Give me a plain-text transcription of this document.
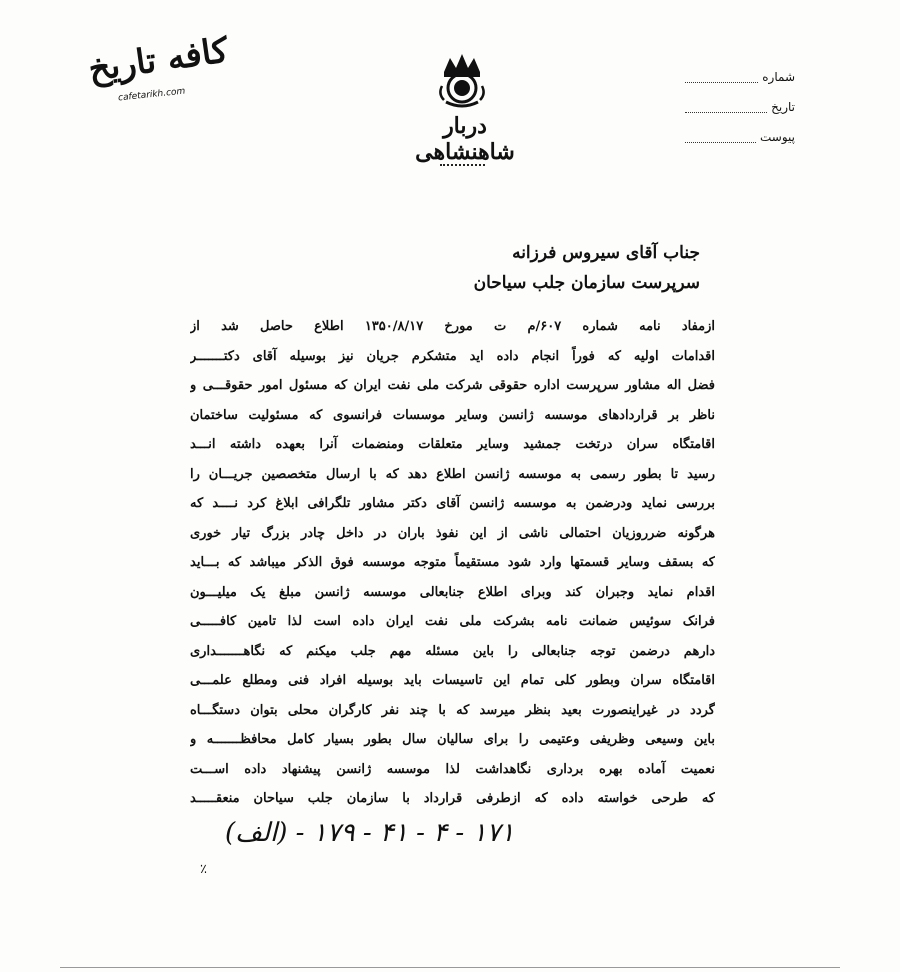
کافه تاریخ
cafetarikh.com
دربار شاهنشاهی
شماره
تاریخ
پیوست
جناب آقای سیروس فرزانه
سرپرست سازمان جلب سیاحان
ازمفاد نامه شماره ۶۰۷/م ت مورخ ۱۳۵۰/۸/۱۷ اطلاع حاصل شد از
اقدامات اولیه که فوراً انجام داده اید متشکرم جریان نیز بوسیله آقای دکتـــــــر
فضل اله مشاور سرپرست اداره حقوقی شرکت ملی نفت ایران که مسئول امور حقوقـــی و
ناظر بر قراردادهای موسسه ژانسن وسایر موسسات فرانسوی که مسئولیت ساختمان
اقامتگاه سران درتخت جمشید وسایر متعلقات ومنضمات آنرا بعهده داشته انـــد
رسید تا بطور رسمی به موسسه ژانسن اطلاع دهد که با ارسال متخصصین جریـــان را
بررسی نماید ودرضمن به موسسه ژانسن آقای دکتر مشاور تلگرافی ابلاغ کرد نــــد که
هرگونه ضرروزیان احتمالی ناشی از این نفوذ باران در داخل چادر بزرگ تیار خوری
که بسقف وسایر قسمتها وارد شود مستقیماً متوجه موسسه فوق الذکر میباشد که بـــاید
اقدام نماید وجبران کند وبرای اطلاع جنابعالی موسسه ژانسن مبلغ یک میلیـــون
فرانک سوئیس ضمانت نامه بشرکت ملی نفت ایران داده است لذا تامین کافـــــی
دارهم درضمن توجه جنابعالی را باین مسئله مهم جلب میکنم که نگاهـــــــداری
اقامتگاه سران وبطور کلی تمام این تاسیسات باید بوسیله افراد فنی ومطلع علمـــی
گردد در غیراینصورت بعید بنظر میرسد که با چند نفر کارگران محلی بتوان دستگـــاه
باین وسیعی وظریفی وعتیمی را برای سالیان سال بطور بسیار کامل محافظـــــــه و
نعمیت آماده بهره برداری نگاهداشت لذا موسسه ژانسن پیشنهاد داده اســـت
که طرحی خواسته داده که ازطرفی قرارداد با سازمان جلب سیاحان منعقـــــد
(الف) - ۱۷۱ - ۴ - ۴۱ - ۱۷۹
٪
